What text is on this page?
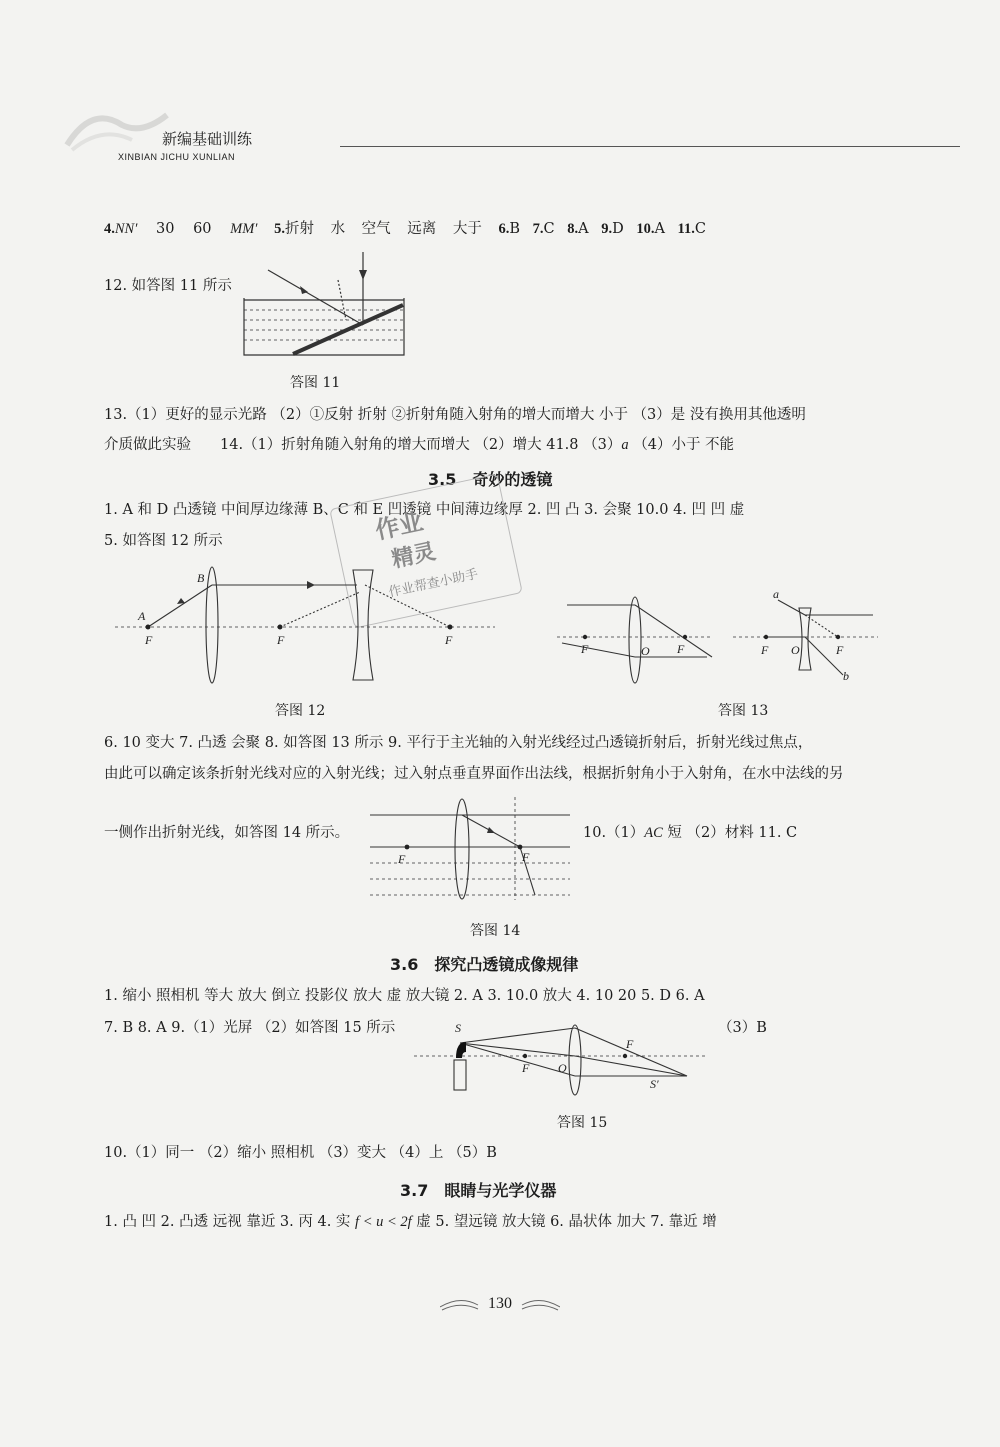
新编基础训练
XINBIAN JICHU XUNLIAN
4.NN′ 30 60 MM′ 5.折射 水 空气 远离 大于 6.B 7.C 8.A 9.D 10.A 11.C
12. 如答图 11 所示
答图 11
13.（1）更好的显示光路 （2）①反射 折射 ②折射角随入射角的增大而增大 小于 （3）是 没有换用其他透明
介质做此实验　　14.（1）折射角随入射角的增大而增大 （2）增大 41.8 （3）a （4）小于 不能
3.5　奇妙的透镜
1. A 和 D 凸透镜 中间厚边缘薄 B、C 和 E 凹透镜 中间薄边缘厚 2. 凹 凸 3. 会聚 10.0 4. 凹 凹 虚
5. 如答图 12 所示	作业
精灵
作业帮查小助手
A
B
F	F	F
答图 12
F	O F
a
F O	F
b
答图 13
6. 10 变大 7. 凸透 会聚 8. 如答图 13 所示 9. 平行于主光轴的入射光线经过凸透镜折射后，折射光线过焦点，
由此可以确定该条折射光线对应的入射光线；过入射点垂直界面作出法线，根据折射角小于入射角，在水中法线的另
一侧作出折射光线，如答图 14 所示。	10.（1）AC 短 （2）材料 11. C
F	F
答图 14
3.6　探究凸透镜成像规律
1. 缩小 照相机 等大 放大 倒立 投影仪 放大 虚 放大镜 2. A 3. 10.0 放大 4. 10 20 5. D 6. A
7. B 8. A 9.（1）光屏 （2）如答图 15 所示	（3）B
S
F O
F
S′
答图 15
10.（1）同一 （2）缩小 照相机 （3）变大 （4）上 （5）B
3.7　眼睛与光学仪器
1. 凸 凹 2. 凸透 远视 靠近 3. 丙 4. 实 f < u < 2f 虚 5. 望远镜 放大镜 6. 晶状体 加大 7. 靠近 增
130
